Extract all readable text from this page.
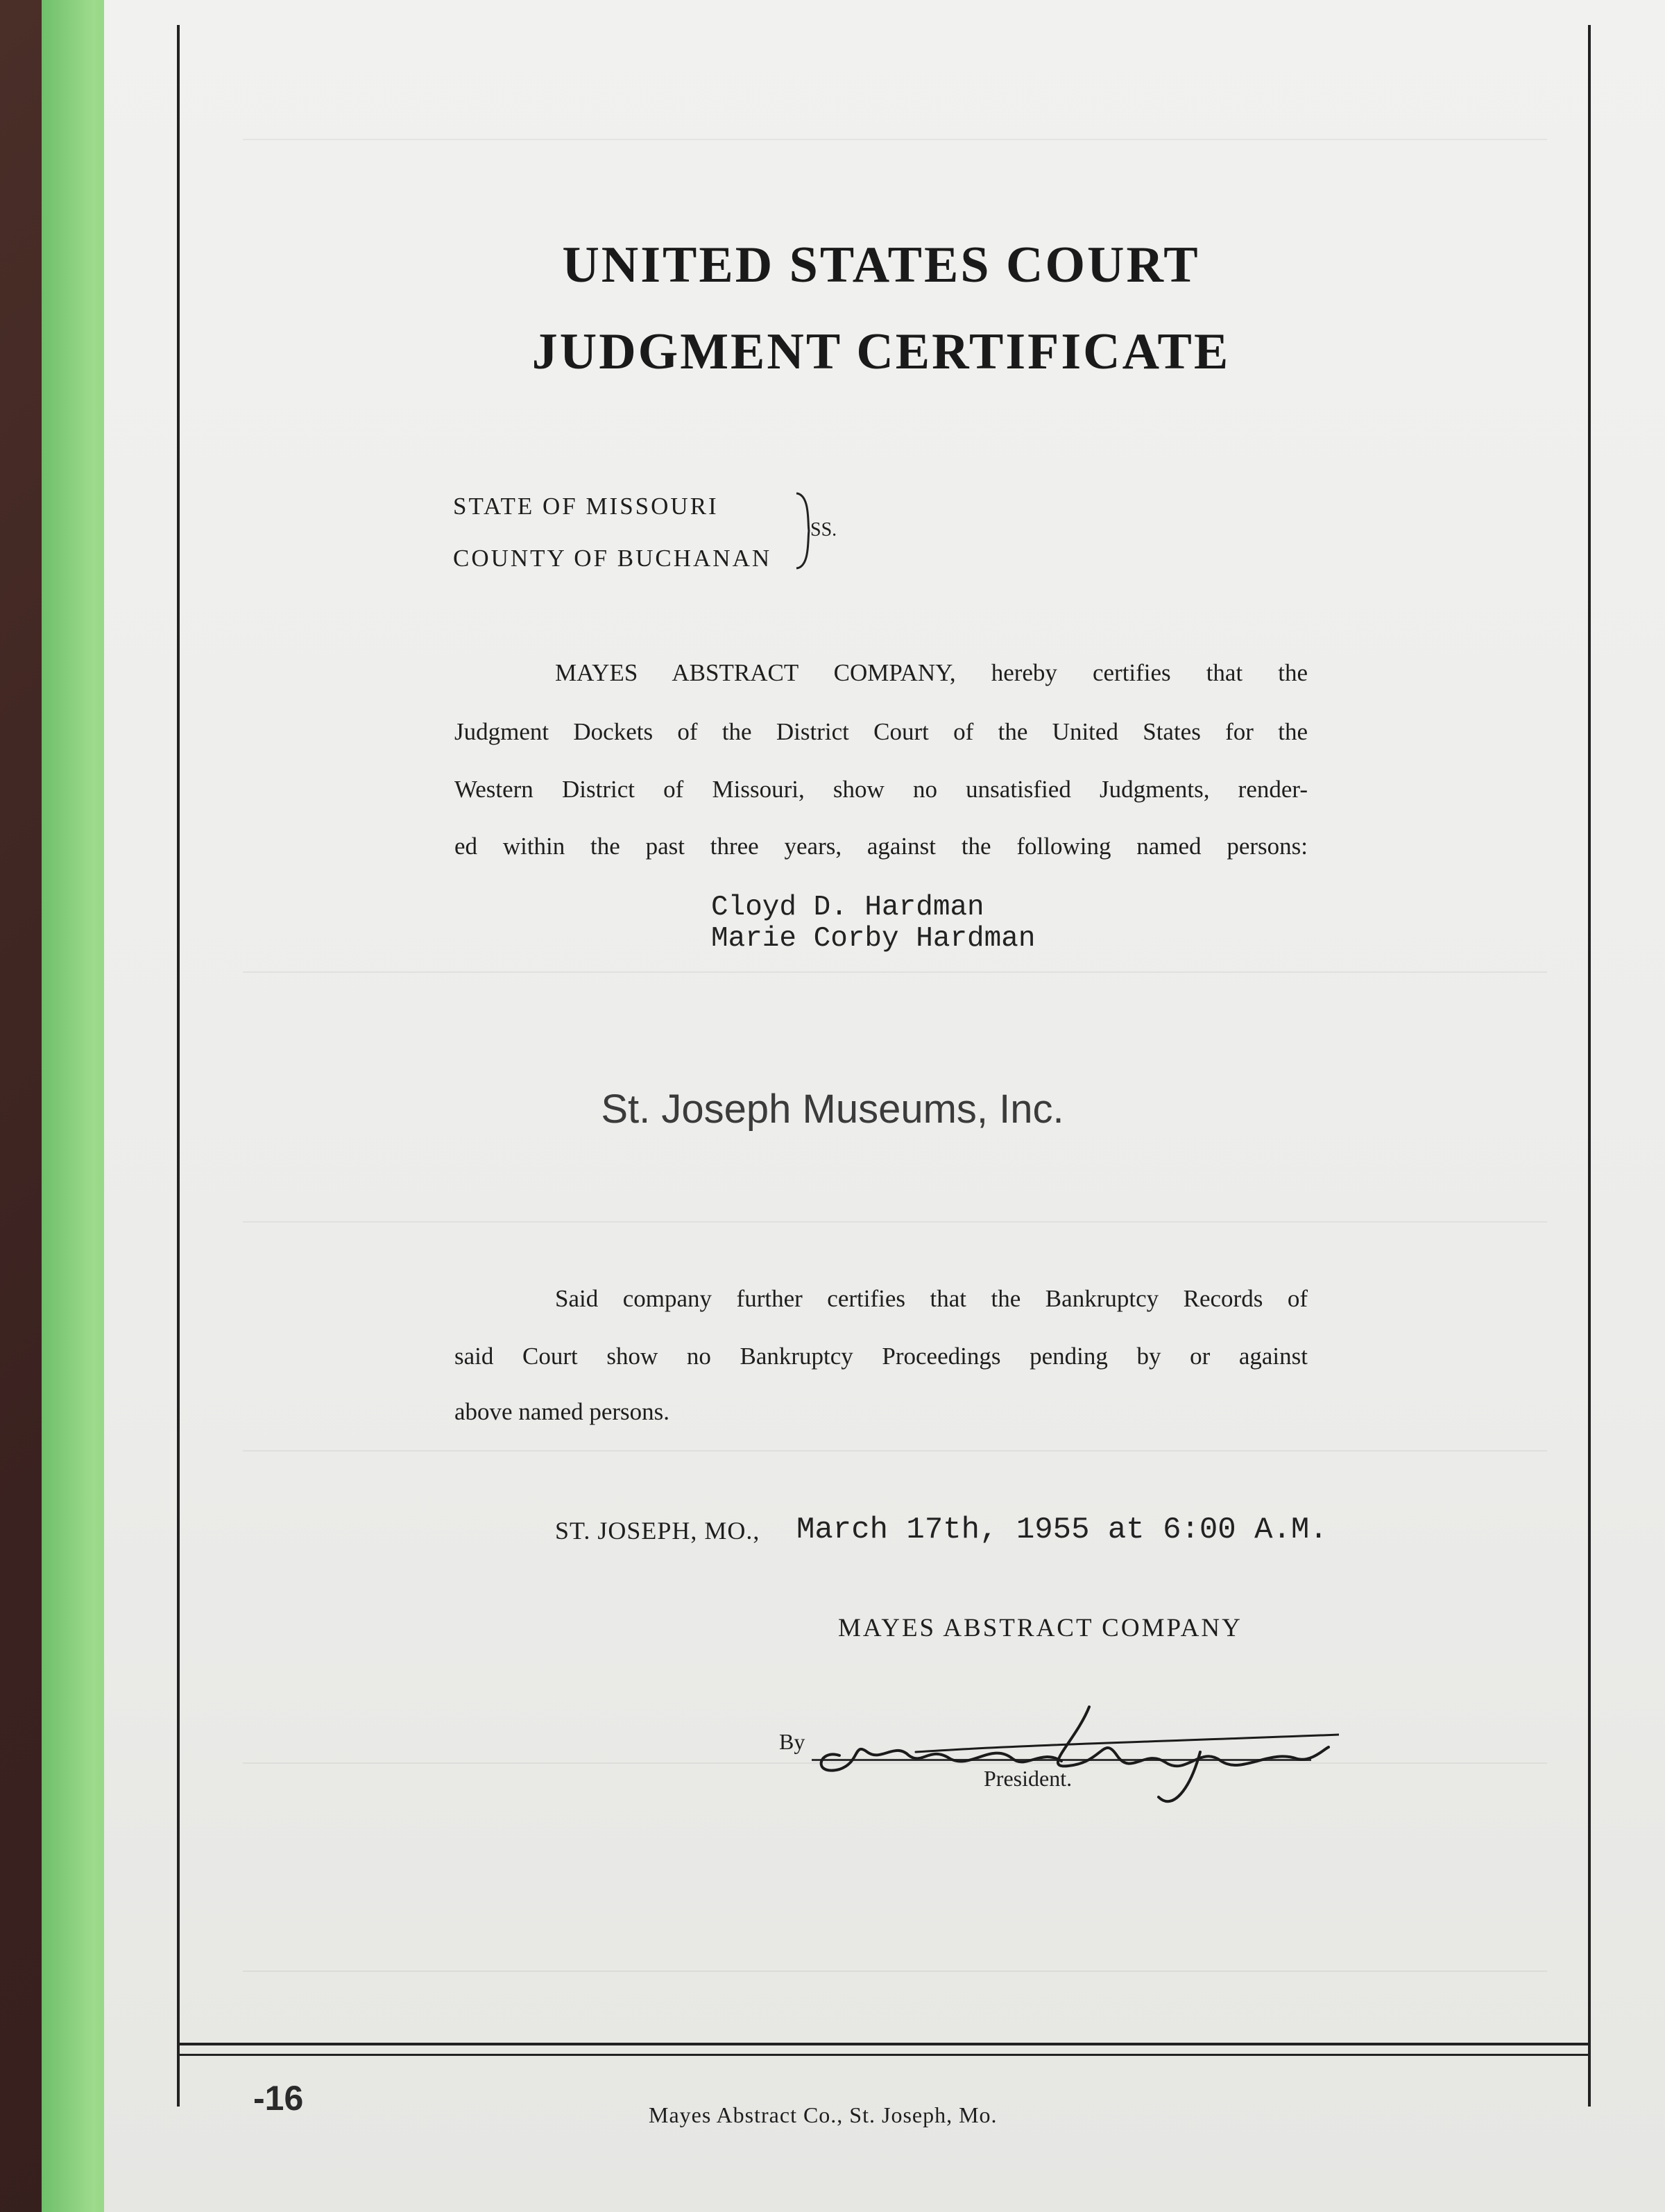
UNITED STATES COURT
JUDGMENT CERTIFICATE
STATE OF MISSOURI
COUNTY OF BUCHANAN
SS.
MAYES ABSTRACT COMPANY, hereby certifies that the
Judgment Dockets of the District Court of the United States for the
Western District of Missouri, show no unsatisfied Judgments, render-
ed within the past three years, against the following named persons:
Cloyd D. Hardman
Marie Corby Hardman
St. Joseph Museums, Inc.
Said company further certifies that the Bankruptcy Records of
said Court show no Bankruptcy Proceedings pending by or against
above named persons.
ST. JOSEPH, MO., March 17th, 1955 at 6:00 A.M.
MAYES ABSTRACT COMPANY
By
President.
-16	Mayes Abstract Co., St. Joseph, Mo.
